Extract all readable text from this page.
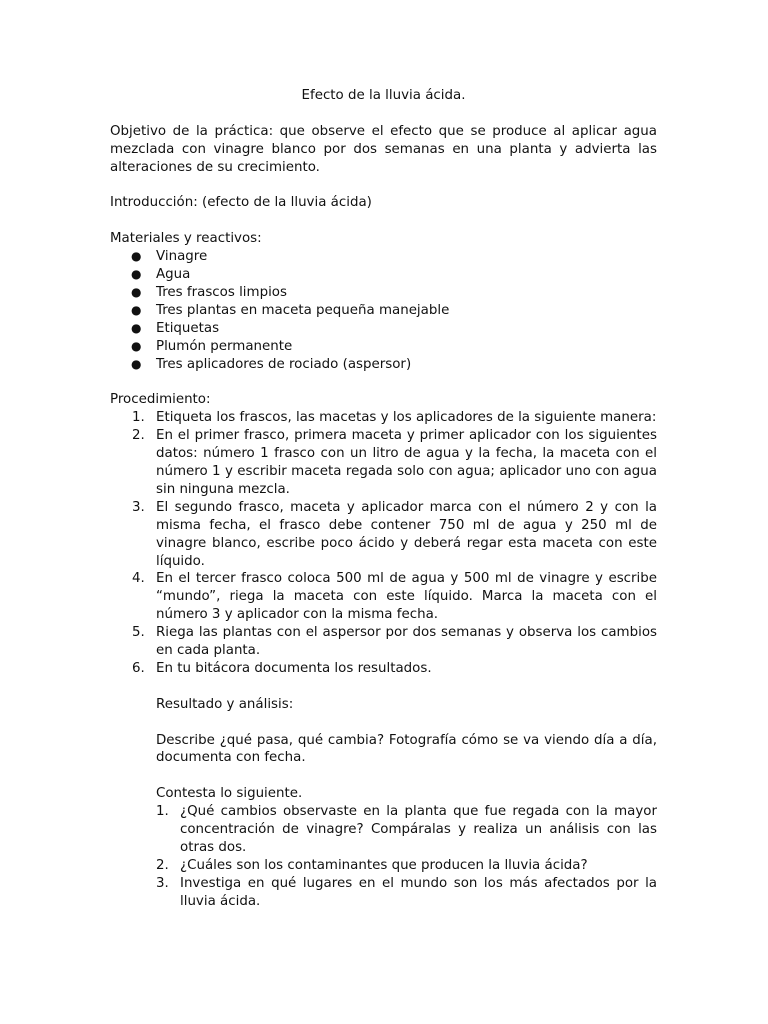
Efecto de la lluvia ácida.

Objetivo de la práctica: que observe el efecto que se produce al aplicar agua mezclada con vinagre blanco por dos semanas en una planta y advierta las alteraciones de su crecimiento.

Introducción: (efecto de la lluvia ácida)

Materiales y reactivos:

● Vinagre
● Agua
● Tres frascos limpios
● Tres plantas en maceta pequeña manejable
● Etiquetas
● Plumón permanente
● Tres aplicadores de rociado (aspersor)

Procedimiento:

1. Etiqueta los frascos, las macetas y los aplicadores de la siguiente manera:
2. En el primer frasco, primera maceta y primer aplicador con los siguientes datos: número 1 frasco con un litro de agua y la fecha, la maceta con el número 1 y escribir maceta regada solo con agua; aplicador uno con agua sin ninguna mezcla.
3. El segundo frasco, maceta y aplicador marca con el número 2 y con la misma fecha, el frasco debe contener 750 ml de agua y 250 ml de vinagre blanco, escribe poco ácido y deberá regar esta maceta con este líquido.
4. En el tercer frasco coloca 500 ml de agua y 500 ml de vinagre y escribe “mundo”, riega la maceta con este líquido. Marca la maceta con el número 3 y aplicador con la misma fecha.
5. Riega las plantas con el aspersor por dos semanas y observa los cambios en cada planta.
6. En tu bitácora documenta los resultados.

Resultado y análisis:

Describe ¿qué pasa, qué cambia? Fotografía cómo se va viendo día a día, documenta con fecha.

Contesta lo siguiente.

1. ¿Qué cambios observaste en la planta que fue regada con la mayor concentración de vinagre? Compáralas y realiza un análisis con las otras dos.
2. ¿Cuáles son los contaminantes que producen la lluvia ácida?
3. Investiga en qué lugares en el mundo son los más afectados por la lluvia ácida.
